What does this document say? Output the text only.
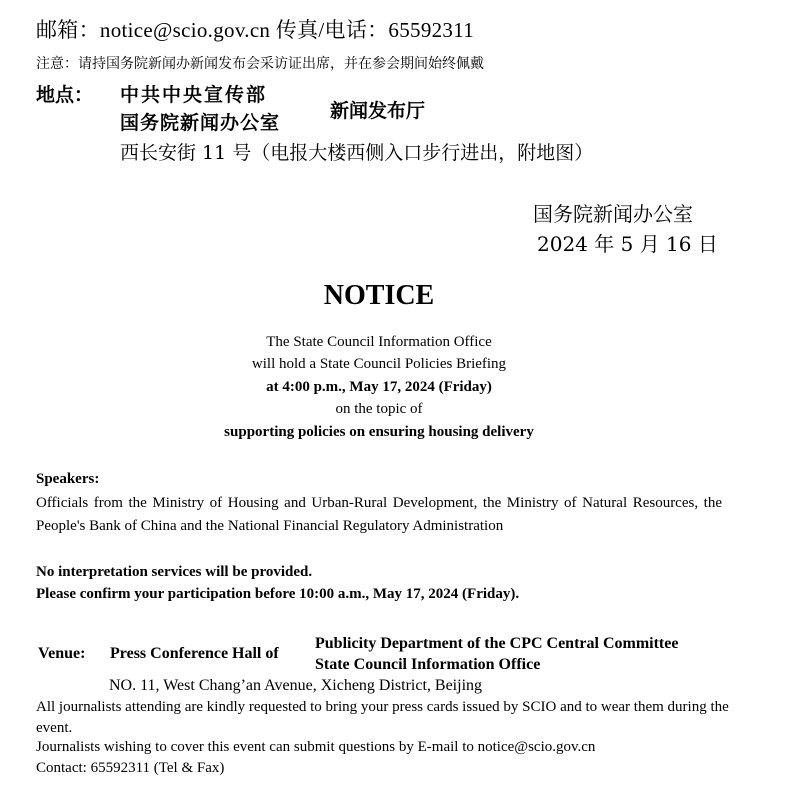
邮箱：notice@scio.gov.cn 传真/电话：65592311
注意：请持国务院新闻办新闻发布会采访证出席，并在参会期间始终佩戴
地点： 中共中央宣传部
国务院新闻办公室
新闻发布厅
西长安街 11 号（电报大楼西侧入口步行进出，附地图）
国务院新闻办公室
2024 年 5 月 16 日
NOTICE
The State Council Information Office
will hold a State Council Policies Briefing
at 4:00 p.m., May 17, 2024 (Friday)
on the topic of
supporting policies on ensuring housing delivery
Speakers:
Officials from the Ministry of Housing and Urban-Rural Development, the Ministry of Natural Resources, the People's Bank of China and the National Financial Regulatory Administration
No interpretation services will be provided.
Please confirm your participation before 10:00 a.m., May 17, 2024 (Friday).
Venue: Press Conference Hall of
Publicity Department of the CPC Central Committee
State Council Information Office
NO. 11, West Chang’an Avenue, Xicheng District, Beijing
All journalists attending are kindly requested to bring your press cards issued by SCIO and to wear them during the event.
Journalists wishing to cover this event can submit questions by E-mail to notice@scio.gov.cn
Contact: 65592311 (Tel & Fax)
